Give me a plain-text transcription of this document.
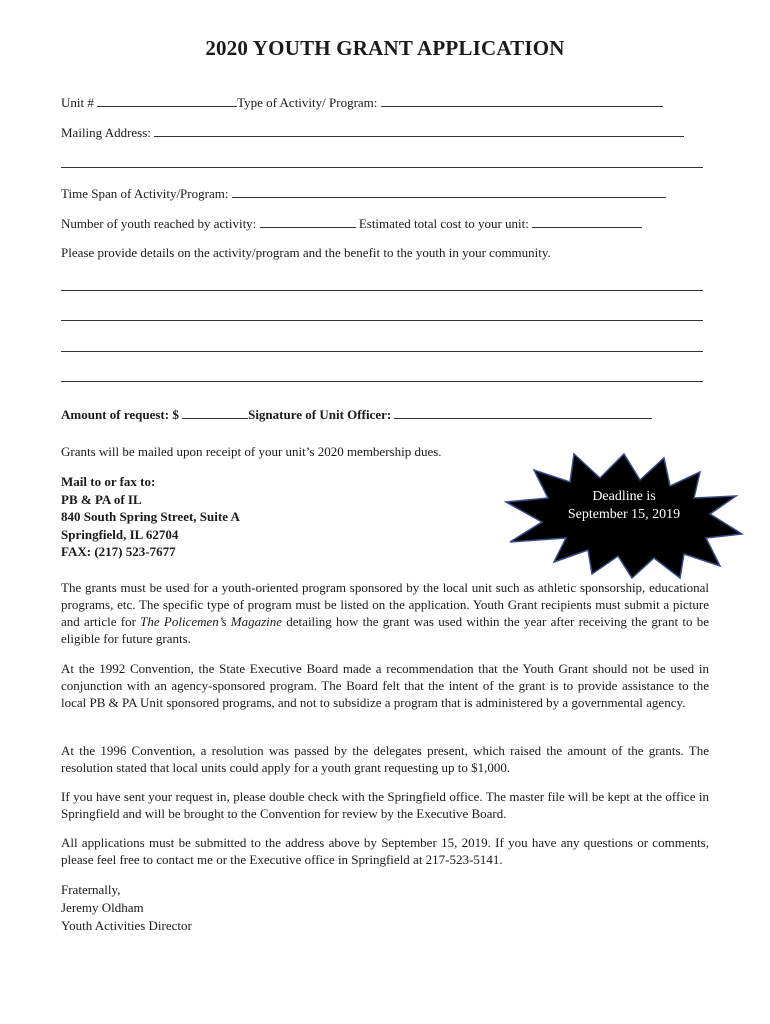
2020 YOUTH GRANT APPLICATION
Unit #	Type of Activity/ Program:
Mailing Address:
Time Span of Activity/Program:
Number of youth reached by activity:	Estimated total cost to your unit:
Please provide details on the activity/program and the benefit to the youth in your community.
Amount of request: $	Signature of Unit Officer:
Grants will be mailed upon receipt of your unit’s 2020 membership dues.
Mail to or fax to:
PB & PA of IL
840 South Spring Street, Suite A
Springfield, IL 62704
FAX: (217) 523-7677
Deadline is
September 15, 2019

The grants must be used for a youth-oriented program sponsored by the local unit such as athletic sponsorship, educational programs, etc. The specific type of program must be listed on the application. Youth Grant recipients must submit a picture and article for The Policemen’s Magazine detailing how the grant was used within the year after receiving the grant to be eligible for future grants.

At the 1992 Convention, the State Executive Board made a recommendation that the Youth Grant should not be used in conjunction with an agency-sponsored program. The Board felt that the intent of the grant is to provide assistance to the local PB & PA Unit sponsored programs, and not to subsidize a program that is administered by a governmental agency.

At the 1996 Convention, a resolution was passed by the delegates present, which raised the amount of the grants. The resolution stated that local units could apply for a youth grant requesting up to $1,000.

If you have sent your request in, please double check with the Springfield office. The master file will be kept at the office in Springfield and will be brought to the Convention for review by the Executive Board.

All applications must be submitted to the address above by September 15, 2019. If you have any questions or comments, please feel free to contact me or the Executive office in Springfield at 217-523-5141.

Fraternally,
Jeremy Oldham
Youth Activities Director
